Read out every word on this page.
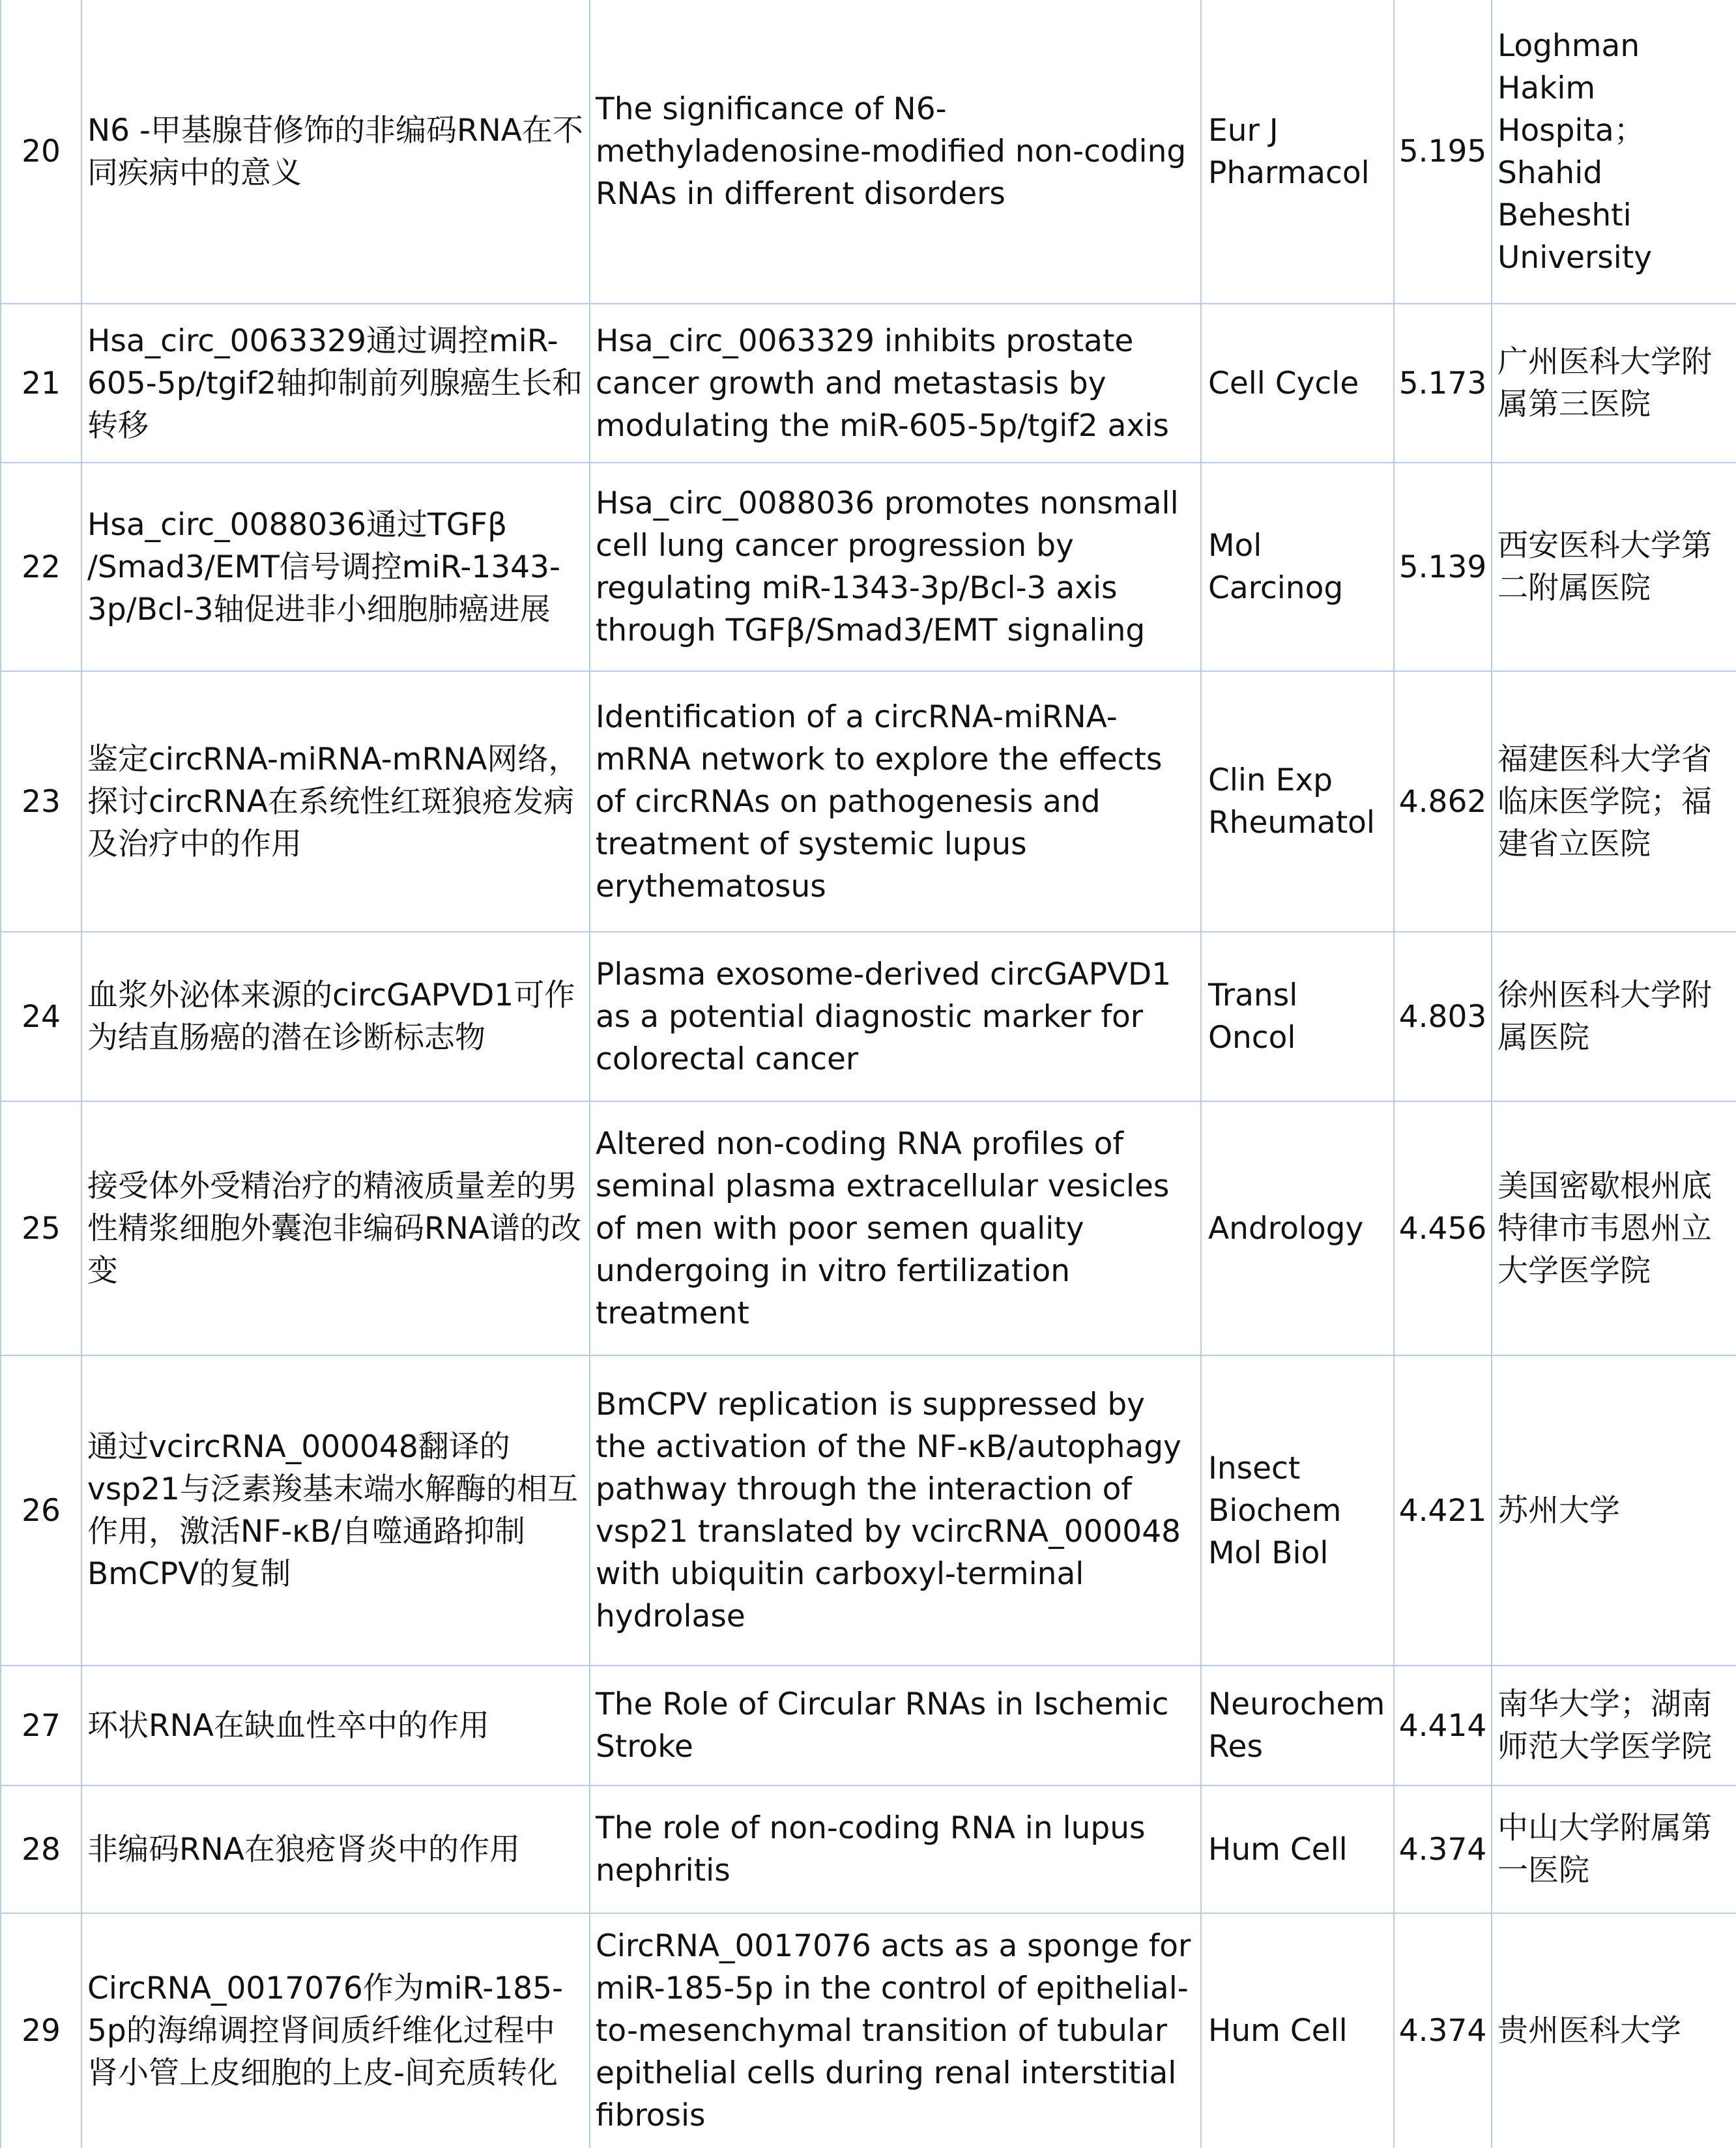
20	N6 -甲基腺苷修饰的非编码RNA在不同疾病中的意义	The significance of N6-methyladenosine-modified non-coding RNAs in different disorders	Eur J Pharmacol	5.195	Loghman Hakim Hospita；Shahid Beheshti University
21	Hsa_circ_0063329通过调控miR-605-5p/tgif2轴抑制前列腺癌生长和转移	Hsa_circ_0063329 inhibits prostate cancer growth and metastasis by modulating the miR-605-5p/tgif2 axis	Cell Cycle	5.173	广州医科大学附属第三医院
22	Hsa_circ_0088036通过TGFβ /Smad3/EMT信号调控miR-1343-3p/Bcl-3轴促进非小细胞肺癌进展	Hsa_circ_0088036 promotes nonsmall cell lung cancer progression by regulating miR-1343-3p/Bcl-3 axis through TGFβ/Smad3/EMT signaling	Mol Carcinog	5.139	西安医科大学第二附属医院
23	鉴定circRNA-miRNA-mRNA网络，探讨circRNA在系统性红斑狼疮发病及治疗中的作用	Identification of a circRNA-miRNA-mRNA network to explore the effects of circRNAs on pathogenesis and treatment of systemic lupus erythematosus	Clin Exp Rheumatol	4.862	福建医科大学省临床医学院；福建省立医院
24	血浆外泌体来源的circGAPVD1可作为结直肠癌的潜在诊断标志物	Plasma exosome-derived circGAPVD1 as a potential diagnostic marker for colorectal cancer	Transl Oncol	4.803	徐州医科大学附属医院
25	接受体外受精治疗的精液质量差的男性精浆细胞外囊泡非编码RNA谱的改变	Altered non-coding RNA profiles of seminal plasma extracellular vesicles of men with poor semen quality undergoing in vitro fertilization treatment	Andrology	4.456	美国密歇根州底特律市韦恩州立大学医学院
26	通过vcircRNA_000048翻译的vsp21与泛素羧基末端水解酶的相互作用，激活NF-κB/自噬通路抑制BmCPV的复制	BmCPV replication is suppressed by the activation of the NF-κB/autophagy pathway through the interaction of vsp21 translated by vcircRNA_000048 with ubiquitin carboxyl-terminal hydrolase	Insect Biochem Mol Biol	4.421	苏州大学
27	环状RNA在缺血性卒中的作用	The Role of Circular RNAs in Ischemic Stroke	Neurochem Res	4.414	南华大学；湖南师范大学医学院
28	非编码RNA在狼疮肾炎中的作用	The role of non-coding RNA in lupus nephritis	Hum Cell	4.374	中山大学附属第一医院
29	CircRNA_0017076作为miR-185-5p的海绵调控肾间质纤维化过程中肾小管上皮细胞的上皮-间充质转化	CircRNA_0017076 acts as a sponge for miR-185-5p in the control of epithelial-to-mesenchymal transition of tubular epithelial cells during renal interstitial fibrosis	Hum Cell	4.374	贵州医科大学
